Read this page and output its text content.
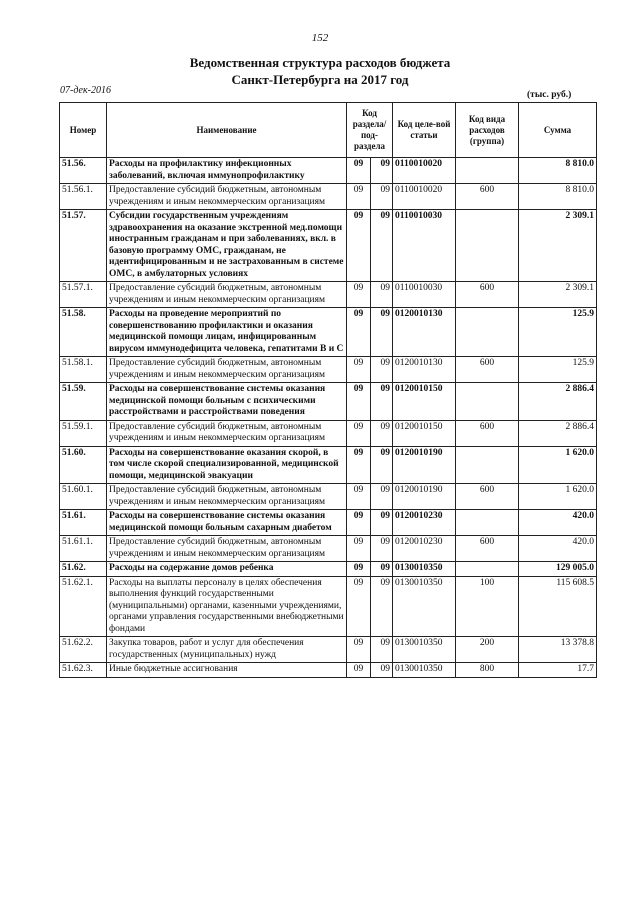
152
Ведомственная структура расходов бюджета
Санкт-Петербурга на 2017 год
07-дек-2016	(тыс. руб.)
Номер	Наименование	Код раздела/ под-раздела		Код целе-вой статьи	Код вида расходов (группа)	Сумма
51.56.	Расходы на профилактику инфекционных заболеваний, включая иммунопрофилактику	09	09	0110010020		8 810.0
51.56.1.	Предоставление субсидий бюджетным, автономным учреждениям и иным некоммерческим организациям	09	09	0110010020	600	8 810.0
51.57.	Субсидии государственным учреждениям здравоохранения на оказание экстренной мед.помощи иностранным гражданам и при заболеваниях, вкл. в базовую программу ОМС, гражданам, не идентифицированным и не застрахованным в системе ОМС, в амбулаторных условиях	09	09	0110010030		2 309.1
51.57.1.	Предоставление субсидий бюджетным, автономным учреждениям и иным некоммерческим организациям	09	09	0110010030	600	2 309.1
51.58.	Расходы на проведение мероприятий по совершенствованию профилактики и оказания медицинской помощи лицам, инфицированным вирусом иммунодефицита человека, гепатитами В и С	09	09	0120010130		125.9
51.58.1.	Предоставление субсидий бюджетным, автономным учреждениям и иным некоммерческим организациям	09	09	0120010130	600	125.9
51.59.	Расходы на совершенствование системы оказания медицинской помощи больным с психическими расстройствами и расстройствами поведения	09	09	0120010150		2 886.4
51.59.1.	Предоставление субсидий бюджетным, автономным учреждениям и иным некоммерческим организациям	09	09	0120010150	600	2 886.4
51.60.	Расходы на совершенствование оказания скорой, в том числе скорой специализированной, медицинской помощи, медицинской эвакуации	09	09	0120010190		1 620.0
51.60.1.	Предоставление субсидий бюджетным, автономным учреждениям и иным некоммерческим организациям	09	09	0120010190	600	1 620.0
51.61.	Расходы на совершенствование системы оказания медицинской помощи больным сахарным диабетом	09	09	0120010230		420.0
51.61.1.	Предоставление субсидий бюджетным, автономным учреждениям и иным некоммерческим организациям	09	09	0120010230	600	420.0
51.62.	Расходы на содержание домов ребенка	09	09	0130010350		129 005.0
51.62.1.	Расходы на выплаты персоналу в целях обеспечения выполнения функций государственными (муниципальными) органами, казенными учреждениями, органами управления государственными внебюджетными фондами	09	09	0130010350	100	115 608.5
51.62.2.	Закупка товаров, работ и услуг для обеспечения государственных (муниципальных) нужд	09	09	0130010350	200	13 378.8
51.62.3.	Иные бюджетные ассигнования	09	09	0130010350	800	17.7
